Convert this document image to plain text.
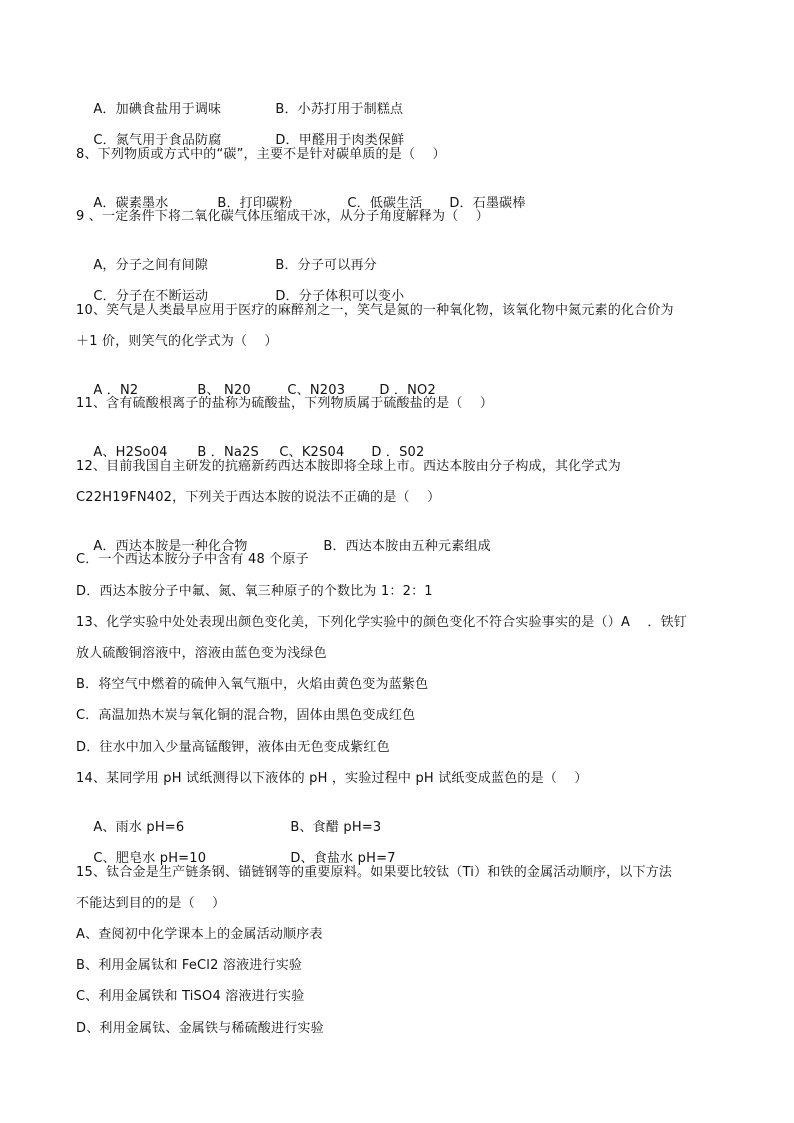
A．加碘食盐用于调味	B．小苏打用于制糕点

C．氮气用于食品防腐	D．甲醛用于肉类保鲜

8、下列物质或方式中的“碳”，主要不是针对碳单质的是（    ）

A．碳素墨水	B．打印碳粉	C．低碳生活 D．石墨碳棒

9 、一定条件下将二氧化碳气体压缩成干冰，从分子角度解释为（    ）

A，分子之间有间隙	B．分子可以再分

C．分子在不断运动	D．分子体积可以变小

10、笑气是人类最早应用于医疗的麻醉剂之一，笑气是氮的一种氧化物，该氧化物中氮元素的化合价为
＋1 价，则笑气的化学式为（    ）

A ．N2	B、 N20	C、N203	D ．NO2

11、含有硫酸根离子的盐称为硫酸盐，下列物质属于硫酸盐的是（    ）

A、H2So04 B ．Na2S C、K2S04 D ．S02

12、目前我国自主研发的抗癌新药西达本胺即将全球上市。西达本胺由分子构成，其化学式为
C22H19FN402，下列关于西达本胺的说法不正确的是（    ）

A．西达本胺是一种化合物	B．西达本胺由五种元素组成

C．一个西达本胺分子中含有 48 个原子
D．西达本胺分子中氟、氮、氧三种原子的个数比为 1：2：1
13、化学实验中处处表现出颜色变化美，下列化学实验中的颜色变化不符合实验事实的是（）A    ．铁钉
放人硫酸铜溶液中，溶液由蓝色变为浅绿色
B．将空气中燃着的硫伸入氧气瓶中，火焰由黄色变为蓝紫色
C．高温加热木炭与氧化铜的混合物，固体由黑色变成红色
D．往水中加入少量高锰酸钾，液体由无色变成紫红色
14、某同学用 pH 试纸测得以下液体的 pH ，实验过程中 pH 试纸变成蓝色的是（    ）

A、雨水 pH=6	B、食醋 pH=3

C、肥皂水 pH=10	D、食盐水 pH=7

15、钛合金是生产链条钢、锚链钢等的重要原料。如果要比较钛（Ti）和铁的金属活动顺序，以下方法
不能达到目的的是（    ）
A、查阅初中化学课本上的金属活动顺序表
B、利用金属钛和 FeCl2 溶液进行实验
C、利用金属铁和 TiSO4 溶液进行实验
D、利用金属钛、金属铁与稀硫酸进行实验
